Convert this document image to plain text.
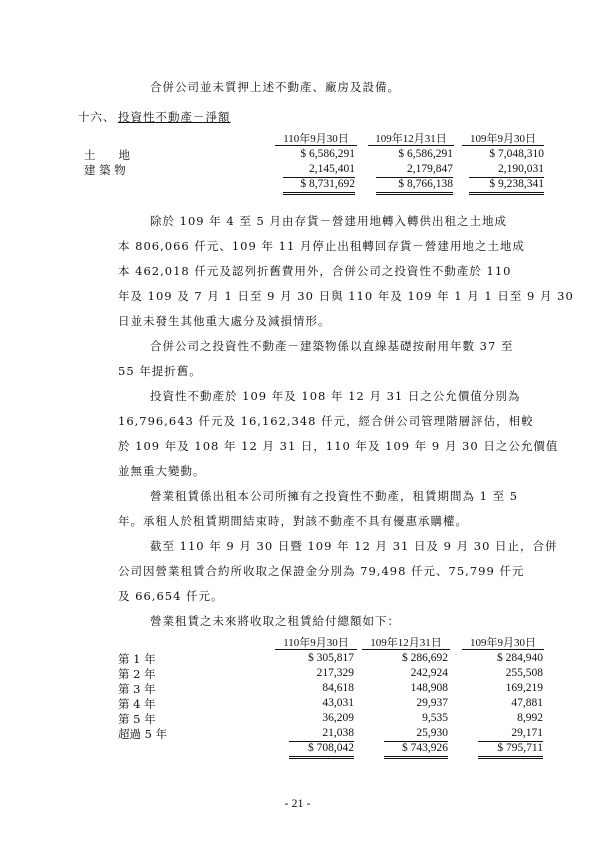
合併公司並未質押上述不動產、廠房及設備。
十六、 投資性不動產－淨額
110年9月30日	109年12月31日	109年9月30日
土　　地	$ 6,586,291	$ 6,586,291	$ 7,048,310
建 築 物	2,145,401	2,179,847	2,190,031
$ 8,731,692	$ 8,766,138	$ 9,238,341
除於 109 年 4 至 5 月由存貨－營建用地轉入轉供出租之土地成
本 806,066 仟元、109 年 11 月停止出租轉回存貨－營建用地之土地成
本 462,018 仟元及認列折舊費用外，合併公司之投資性不動產於 110
年及 109 及 7 月 1 日至 9 月 30 日與 110 年及 109 年 1 月 1 日至 9 月 30
日並未發生其他重大處分及減損情形。
合併公司之投資性不動產－建築物係以直線基礎按耐用年數 37 至
55 年提折舊。
投資性不動產於 109 年及 108 年 12 月 31 日之公允價值分別為
16,796,643 仟元及 16,162,348 仟元，經合併公司管理階層評估，相較
於 109 年及 108 年 12 月 31 日，110 年及 109 年 9 月 30 日之公允價值
並無重大變動。
營業租賃係出租本公司所擁有之投資性不動產，租賃期間為 1 至 5
年。承租人於租賃期間結束時，對該不動產不具有優惠承購權。
截至 110 年 9 月 30 日暨 109 年 12 月 31 日及 9 月 30 日止，合併
公司因營業租賃合約所收取之保證金分別為 79,498 仟元、75,799 仟元
及 66,654 仟元。
營業租賃之未來將收取之租賃給付總額如下：
110年9月30日	109年12月31日	109年9月30日
第 1 年	$ 305,817	$ 286,692	$ 284,940
第 2 年	217,329	242,924	255,508
第 3 年	84,618	148,908	169,219
第 4 年	43,031	29,937	47,881
第 5 年	36,209	9,535	8,992
超過 5 年	21,038	25,930	29,171
$ 708,042	$ 743,926	$ 795,711
- 21 -
